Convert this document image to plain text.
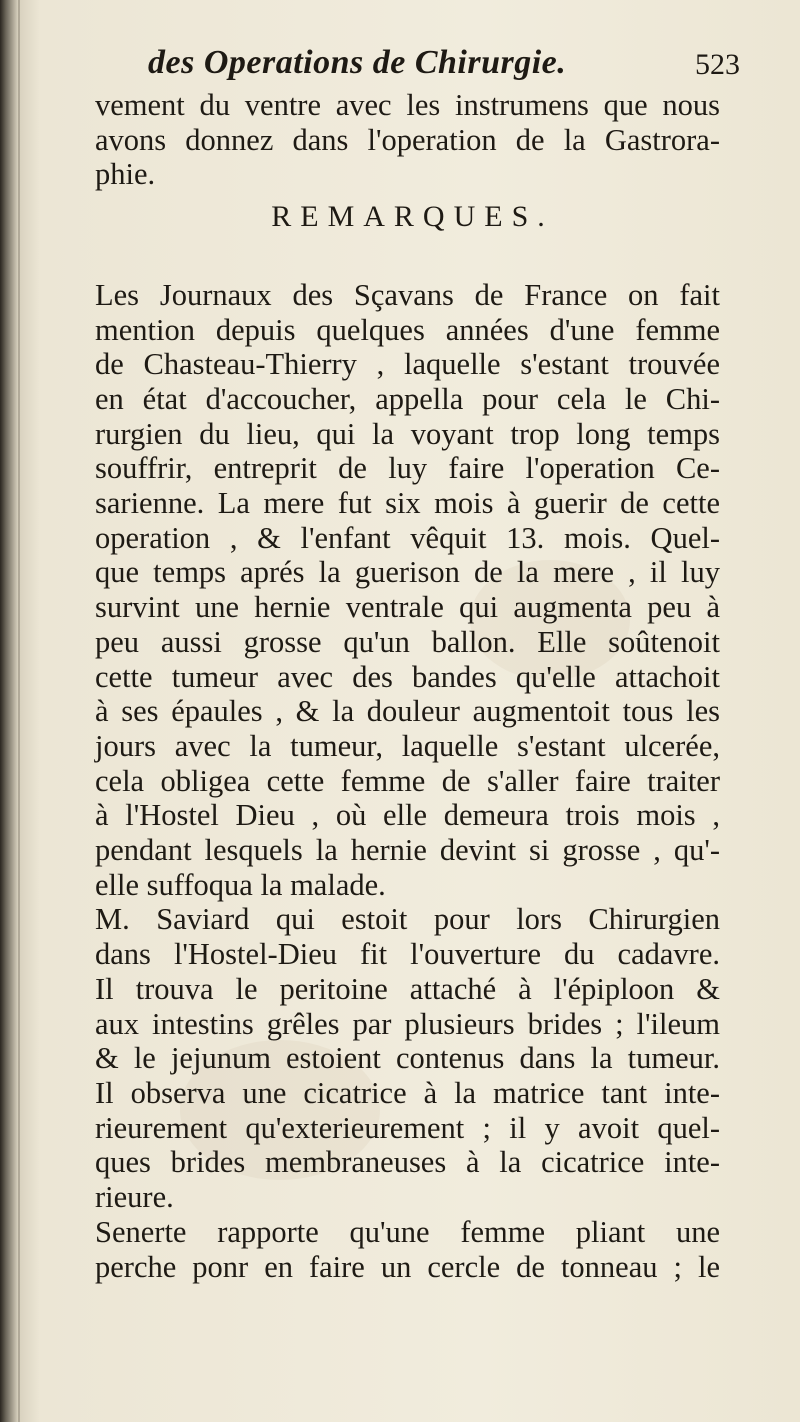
des Operations de Chirurgie.	523
vement du ventre avec les instrumens que nous
avons donnez dans l'operation de la Gastrora-
phie.
REMARQUES.
Les Journaux des Sçavans de France on fait
mention depuis quelques années d'une femme
de Chasteau-Thierry , laquelle s'estant trouvée
en état d'accoucher, appella pour cela le Chi-
rurgien du lieu, qui la voyant trop long temps
souffrir, entreprit de luy faire l'operation Ce-
sarienne. La mere fut six mois à guerir de cette
operation , & l'enfant vêquit 13. mois. Quel-
que temps aprés la guerison de la mere , il luy
survint une hernie ventrale qui augmenta peu à
peu aussi grosse qu'un ballon. Elle soûtenoit
cette tumeur avec des bandes qu'elle attachoit
à ses épaules , & la douleur augmentoit tous les
jours avec la tumeur, laquelle s'estant ulcerée,
cela obligea cette femme de s'aller faire traiter
à l'Hostel Dieu , où elle demeura trois mois ,
pendant lesquels la hernie devint si grosse , qu'-
elle suffoqua la malade.
M. Saviard qui estoit pour lors Chirurgien
dans l'Hostel-Dieu fit l'ouverture du cadavre.
Il trouva le peritoine attaché à l'épiploon &
aux intestins grêles par plusieurs brides ; l'ileum
& le jejunum estoient contenus dans la tumeur.
Il observa une cicatrice à la matrice tant inte-
rieurement qu'exterieurement ; il y avoit quel-
ques brides membraneuses à la cicatrice inte-
rieure.
Senerte rapporte qu'une femme pliant une
perche ponr en faire un cercle de tonneau ; le
